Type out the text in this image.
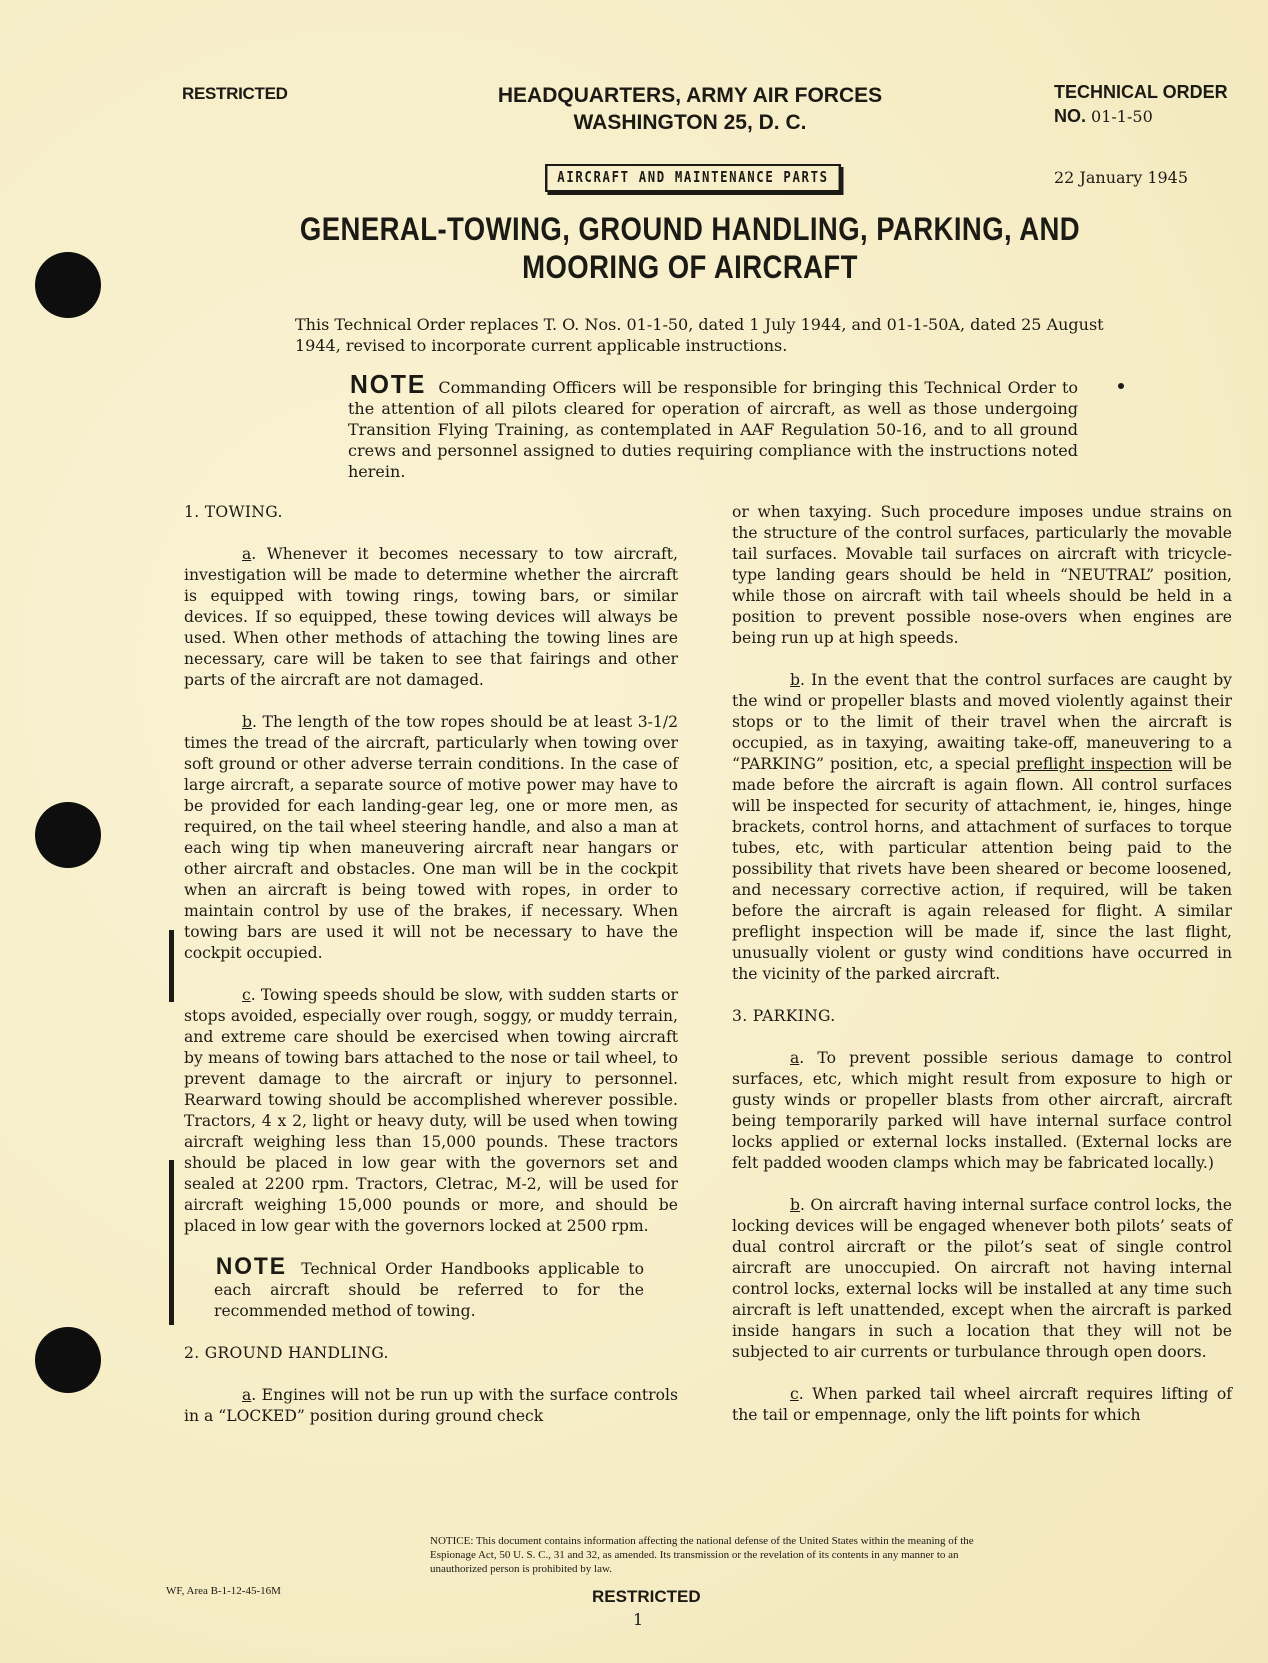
RESTRICTED	HEADQUARTERS, ARMY AIR FORCES
WASHINGTON 25, D. C.
TECHNICAL ORDER
NO. 01-1-50
AIRCRAFT AND MAINTENANCE PARTS	22 January 1945
GENERAL-TOWING, GROUND HANDLING, PARKING, AND MOORING OF AIRCRAFT
This Technical Order replaces T. O. Nos. 01-1-50, dated 1 July 1944, and 01-1-50A, dated 25 August 1944, revised to incorporate current applicable instructions.
NOTE Commanding Officers will be responsible for bringing this Technical Order to the attention of all pilots cleared for operation of aircraft, as well as those undergoing Transition Flying Training, as contemplated in AAF Regulation 50-16, and to all ground crews and personnel assigned to duties requiring compliance with the instructions noted herein.
1. TOWING.

a. Whenever it becomes necessary to tow aircraft, investigation will be made to determine whether the aircraft is equipped with towing rings, towing bars, or similar devices. If so equipped, these towing devices will always be used. When other methods of attaching the towing lines are necessary, care will be taken to see that fairings and other parts of the aircraft are not damaged.

b. The length of the tow ropes should be at least 3-1/2 times the tread of the aircraft, particularly when towing over soft ground or other adverse terrain conditions. In the case of large aircraft, a separate source of motive power may have to be provided for each landing-gear leg, one or more men, as required, on the tail wheel steering handle, and also a man at each wing tip when maneuvering aircraft near hangars or other aircraft and obstacles. One man will be in the cockpit when an aircraft is being towed with ropes, in order to maintain control by use of the brakes, if necessary. When towing bars are used it will not be necessary to have the cockpit occupied.

c. Towing speeds should be slow, with sudden starts or stops avoided, especially over rough, soggy, or muddy terrain, and extreme care should be exercised when towing aircraft by means of towing bars attached to the nose or tail wheel, to prevent damage to the aircraft or injury to personnel. Rearward towing should be accomplished wherever possible. Tractors, 4 x 2, light or heavy duty, will be used when towing aircraft weighing less than 15,000 pounds. These tractors should be placed in low gear with the governors set and sealed at 2200 rpm. Tractors, Cletrac, M-2, will be used for aircraft weighing 15,000 pounds or more, and should be placed in low gear with the governors locked at 2500 rpm.

NOTE Technical Order Handbooks applicable to each aircraft should be referred to for the recommended method of towing.

2. GROUND HANDLING.

a. Engines will not be run up with the surface controls in a “LOCKED” position during ground check

or when taxying. Such procedure imposes undue strains on the structure of the control surfaces, particularly the movable tail surfaces. Movable tail surfaces on aircraft with tricycle-type landing gears should be held in “NEUTRAL” position, while those on aircraft with tail wheels should be held in a position to prevent possible nose-overs when engines are being run up at high speeds.

b. In the event that the control surfaces are caught by the wind or propeller blasts and moved violently against their stops or to the limit of their travel when the aircraft is occupied, as in taxying, awaiting take-off, maneuvering to a “PARKING” position, etc, a special preflight inspection will be made before the aircraft is again flown. All control surfaces will be inspected for security of attachment, ie, hinges, hinge brackets, control horns, and attachment of surfaces to torque tubes, etc, with particular attention being paid to the possibility that rivets have been sheared or become loosened, and necessary corrective action, if required, will be taken before the aircraft is again released for flight. A similar preflight inspection will be made if, since the last flight, unusually violent or gusty wind conditions have occurred in the vicinity of the parked aircraft.

3. PARKING.

a. To prevent possible serious damage to control surfaces, etc, which might result from exposure to high or gusty winds or propeller blasts from other aircraft, aircraft being temporarily parked will have internal surface control locks applied or external locks installed. (External locks are felt padded wooden clamps which may be fabricated locally.)

b. On aircraft having internal surface control locks, the locking devices will be engaged whenever both pilots’ seats of dual control aircraft or the pilot’s seat of single control aircraft are unoccupied. On aircraft not having internal control locks, external locks will be installed at any time such aircraft is left unattended, except when the aircraft is parked inside hangars in such a location that they will not be subjected to air currents or turbulance through open doors.

c. When parked tail wheel aircraft requires lifting of the tail or empennage, only the lift points for which

NOTICE: This document contains information affecting the national defense of the United States within the meaning of the Espionage Act, 50 U. S. C., 31 and 32, as amended. Its transmission or the revelation of its contents in any manner to an unauthorized person is prohibited by law.
WF, Area B-1-12-45-16M	RESTRICTED
1
